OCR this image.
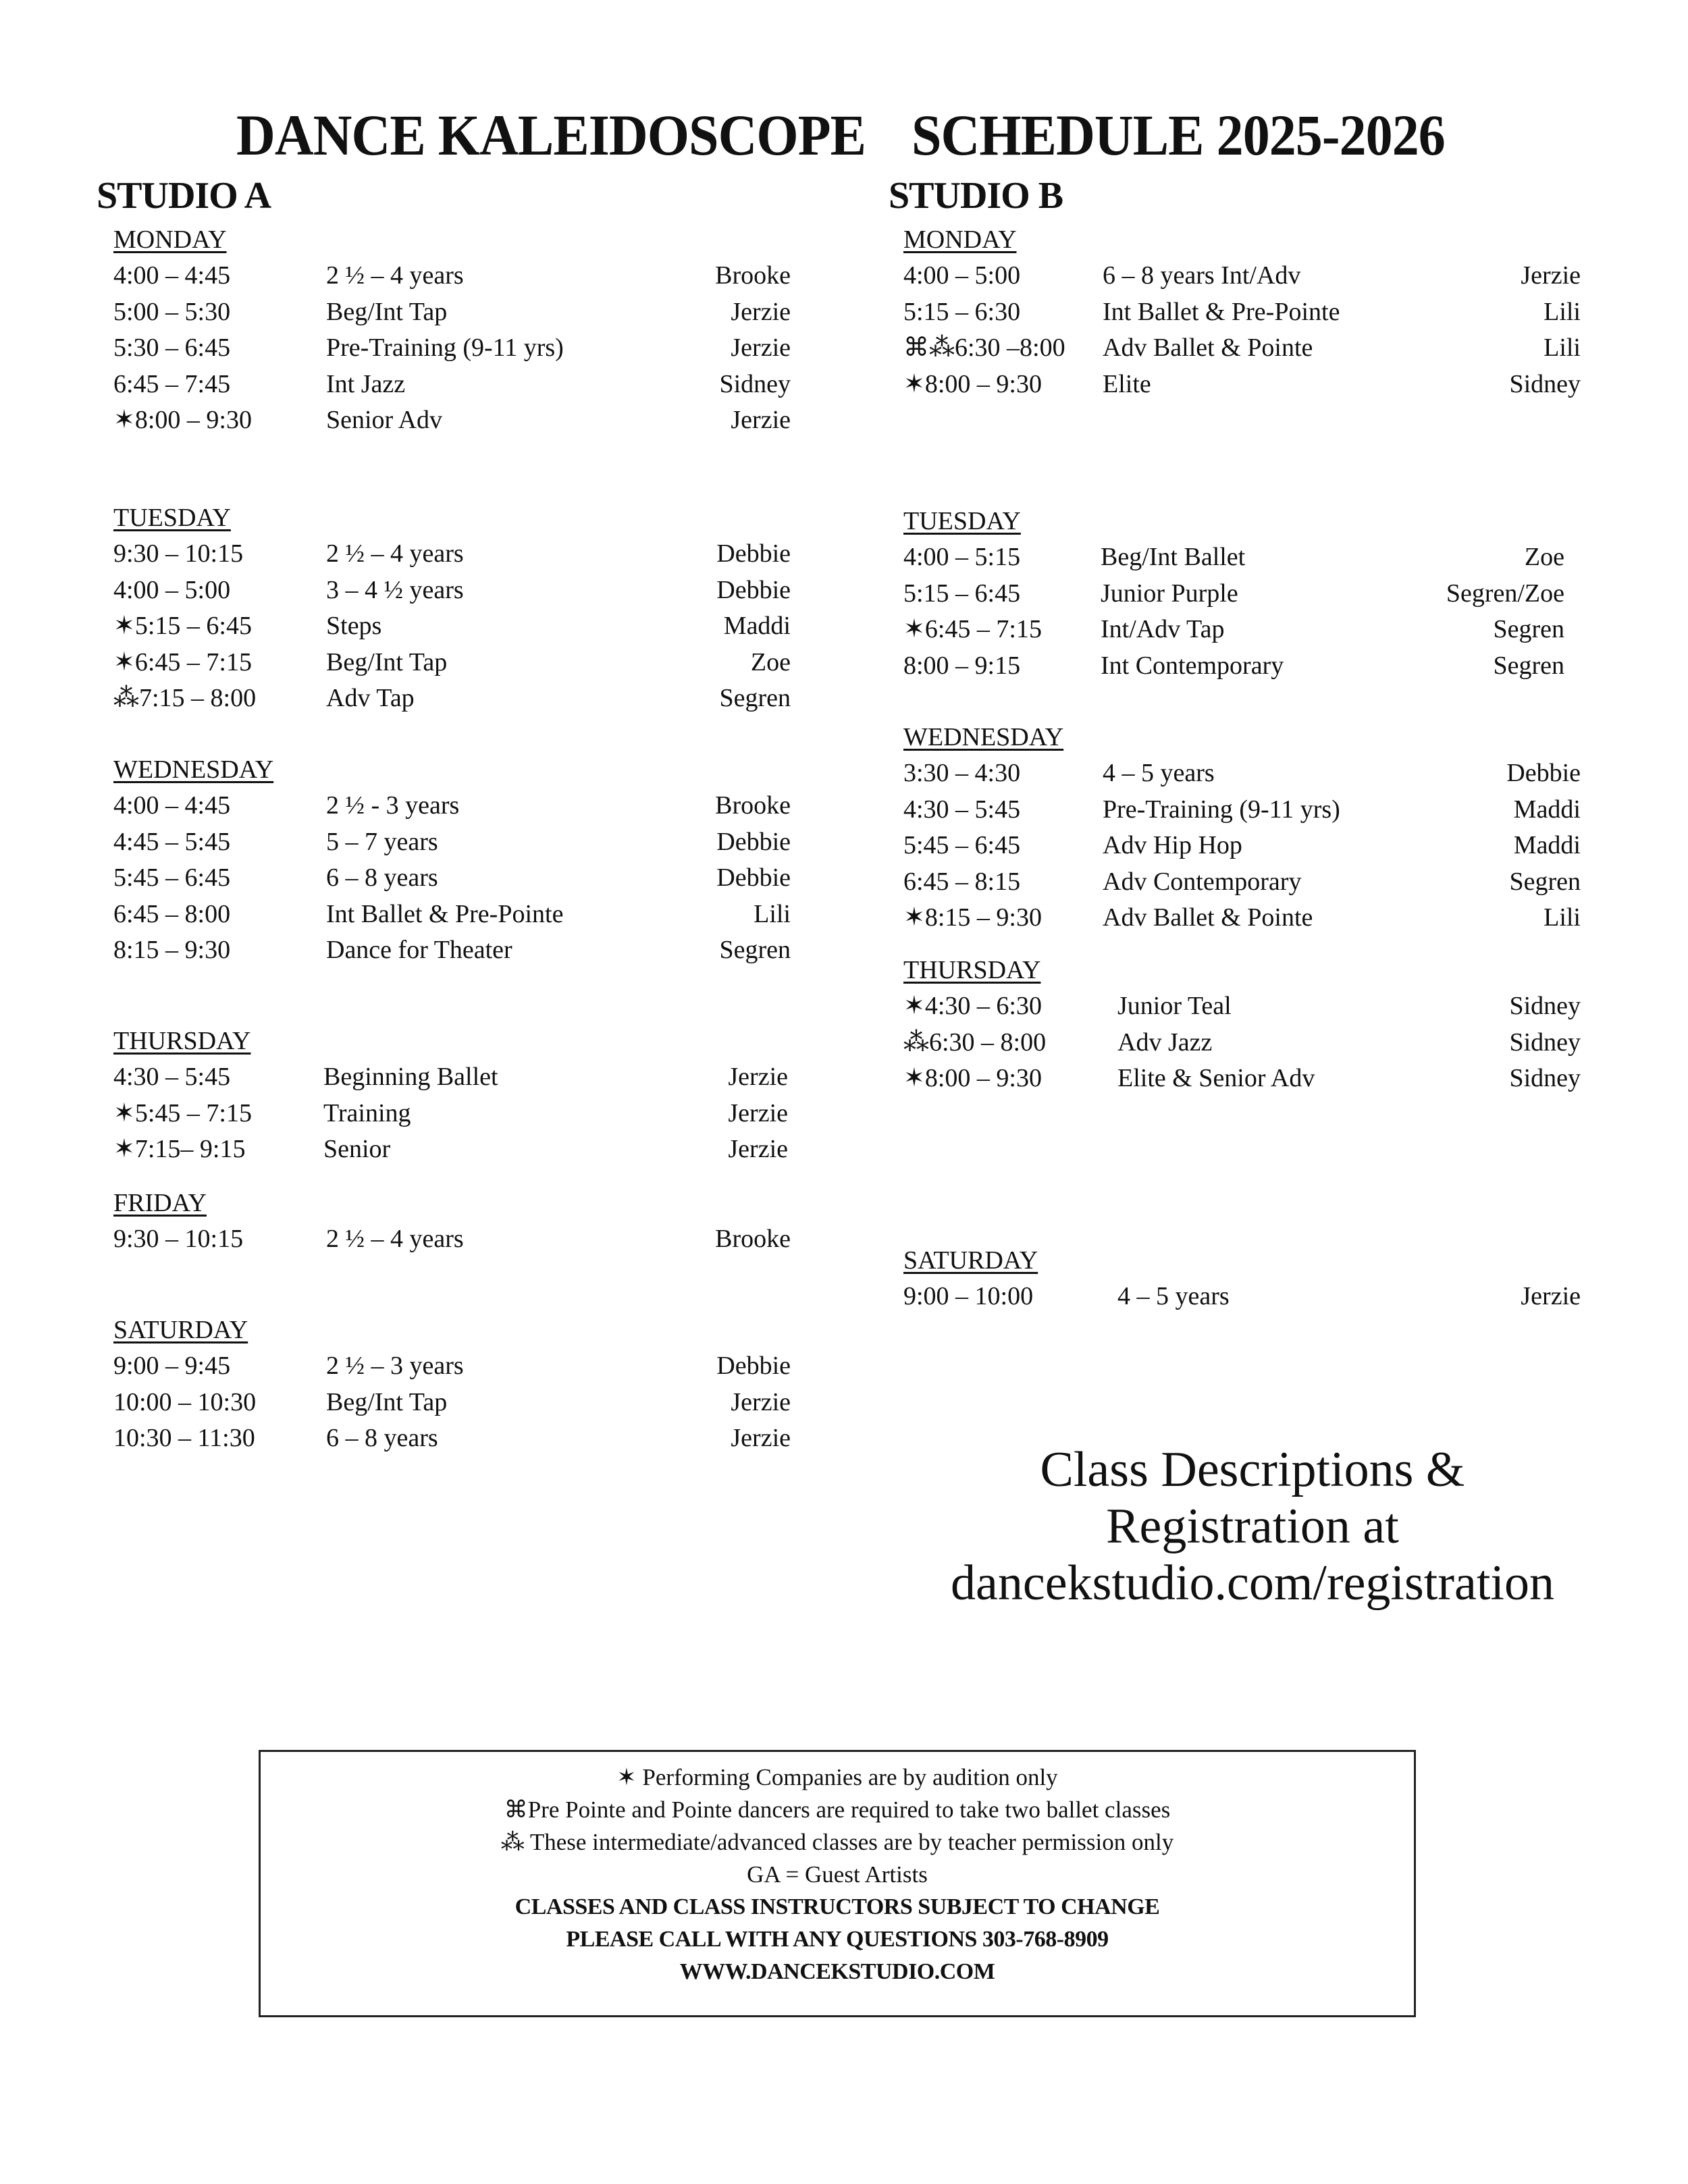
DANCE KALEIDOSCOPE SCHEDULE 2025-2026
STUDIO A	STUDIO B
MONDAY
4:00 – 4:45	2 ½ – 4 years	Brooke
5:00 – 5:30	Beg/Int Tap	Jerzie
5:30 – 6:45	Pre-Training (9-11 yrs)	Jerzie
6:45 – 7:45	Int Jazz	Sidney
✶8:00 – 9:30	Senior Adv	Jerzie
TUESDAY
9:30 – 10:15	2 ½ – 4 years	Debbie
4:00 – 5:00	3 – 4 ½ years	Debbie
✶5:15 – 6:45	Steps	Maddi
✶6:45 – 7:15	Beg/Int Tap	Zoe
⁂7:15 – 8:00	Adv Tap	Segren
WEDNESDAY
4:00 – 4:45	2 ½ - 3 years	Brooke
4:45 – 5:45	5 – 7 years	Debbie
5:45 – 6:45	6 – 8 years	Debbie
6:45 – 8:00	Int Ballet & Pre-Pointe	Lili
8:15 – 9:30	Dance for Theater	Segren
THURSDAY
4:30 – 5:45	Beginning Ballet	Jerzie
✶5:45 – 7:15	Training	Jerzie
✶7:15– 9:15	Senior	Jerzie
FRIDAY
9:30 – 10:15	2 ½ – 4 years	Brooke
SATURDAY
9:00 – 9:45	2 ½ – 3 years	Debbie
10:00 – 10:30	Beg/Int Tap	Jerzie
10:30 – 11:30	6 – 8 years	Jerzie
MONDAY
4:00 – 5:00	6 – 8 years Int/Adv	Jerzie
5:15 – 6:30	Int Ballet & Pre-Pointe	Lili
⌘⁂6:30 –8:00 Adv Ballet & Pointe	Lili
✶8:00 – 9:30 Elite	Sidney
TUESDAY
4:00 – 5:15	Beg/Int Ballet	Zoe
5:15 – 6:45	Junior Purple	Segren/Zoe
✶6:45 – 7:15 Int/Adv Tap	Segren
8:00 – 9:15	Int Contemporary	Segren
WEDNESDAY
3:30 – 4:30	4 – 5 years	Debbie
4:30 – 5:45	Pre-Training (9-11 yrs)	Maddi
5:45 – 6:45	Adv Hip Hop	Maddi
6:45 – 8:15	Adv Contemporary	Segren
✶8:15 – 9:30 Adv Ballet & Pointe	Lili
THURSDAY
✶4:30 – 6:30	Junior Teal	Sidney
⁂6:30 – 8:00	Adv Jazz	Sidney
✶8:00 – 9:30	Elite & Senior Adv	Sidney
SATURDAY
9:00 – 10:00	4 – 5 years	Jerzie
Class Descriptions &
Registration at
dancekstudio.com/registration
✶ Performing Companies are by audition only
⌘Pre Pointe and Pointe dancers are required to take two ballet classes
⁂ These intermediate/advanced classes are by teacher permission only
GA = Guest Artists
CLASSES AND CLASS INSTRUCTORS SUBJECT TO CHANGE
PLEASE CALL WITH ANY QUESTIONS 303-768-8909
WWW.DANCEKSTUDIO.COM
